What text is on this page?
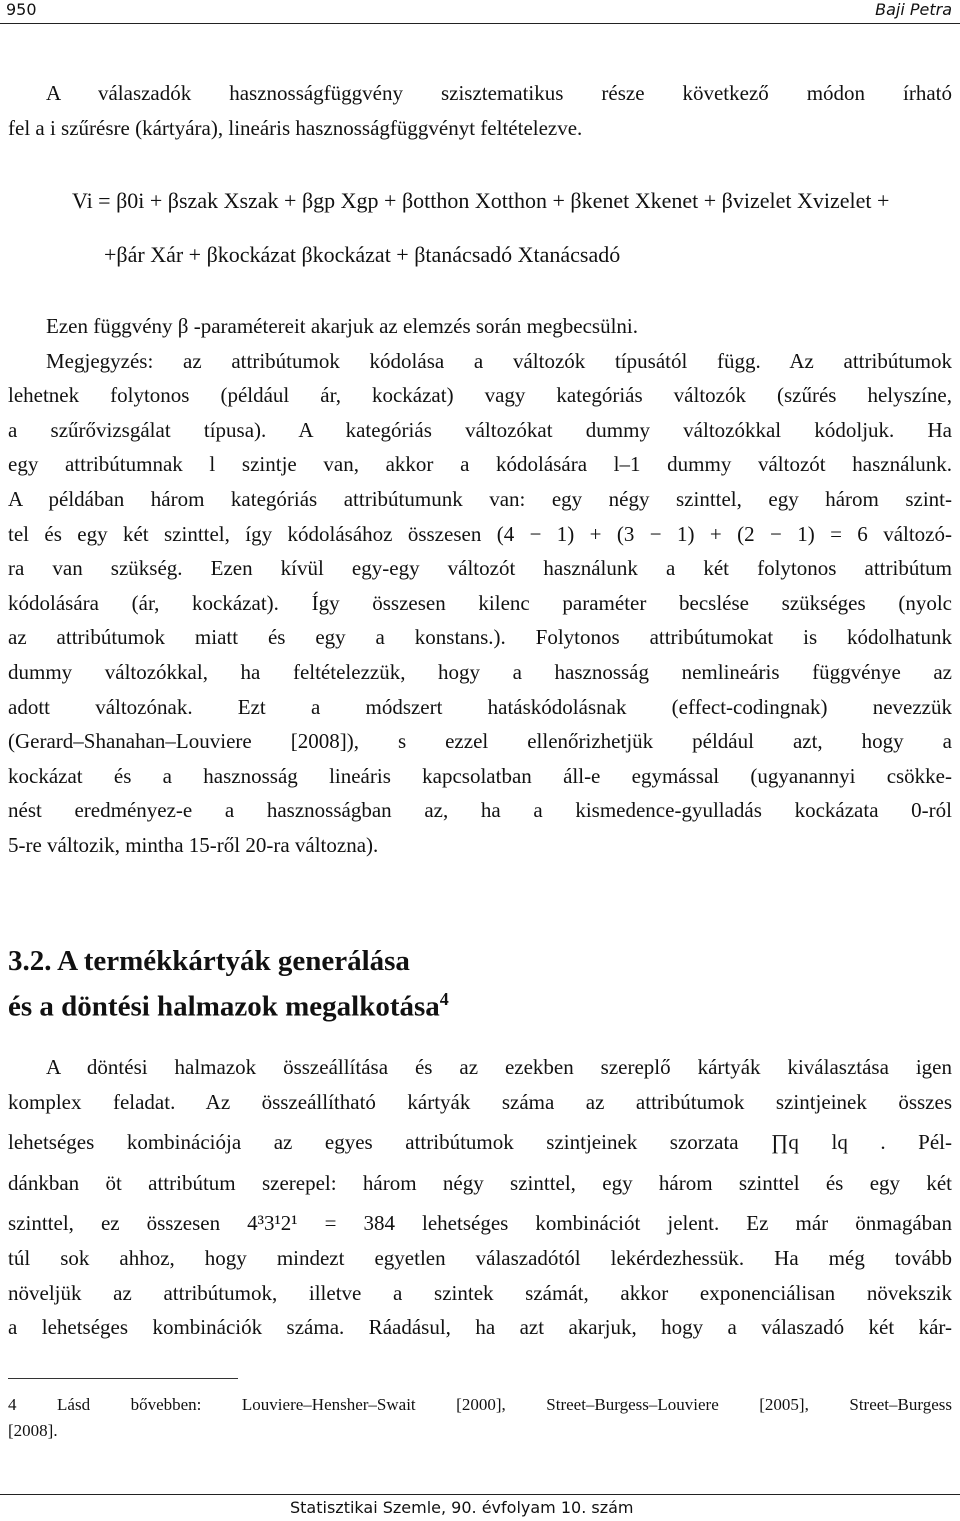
950	Baji Petra
A válaszadók hasznosságfüggvény szisztematikus része következő módon írható
fel a i szűrésre (kártyára), lineáris hasznosságfüggvényt feltételezve.
Vi = β0i + βszak Xszak + βgp Xgp + βotthon Xotthon + βkenet Xkenet + βvizelet Xvizelet +
+βár Xár + βkockázat βkockázat + βtanácsadó Xtanácsadó
Ezen függvény β -paramétereit akarjuk az elemzés során megbecsülni.
Megjegyzés: az attribútumok kódolása a változók típusától függ. Az attribútumok
lehetnek folytonos (például ár, kockázat) vagy kategóriás változók (szűrés helyszíne,
a szűrővizsgálat típusa). A kategóriás változókat dummy változókkal kódoljuk. Ha
egy attribútumnak l szintje van, akkor a kódolására l–1 dummy változót használunk.
A példában három kategóriás attribútumunk van: egy négy szinttel, egy három szint-
tel és egy két szinttel, így kódolásához összesen (4 − 1) + (3 − 1) + (2 − 1) = 6 változó-
ra van szükség. Ezen kívül egy-egy változót használunk a két folytonos attribútum
kódolására (ár, kockázat). Így összesen kilenc paraméter becslése szükséges (nyolc
az attribútumok miatt és egy a konstans.). Folytonos attribútumokat is kódolhatunk
dummy változókkal, ha feltételezzük, hogy a hasznosság nemlineáris függvénye az
adott változónak. Ezt a módszert hatáskódolásnak (effect-codingnak) nevezzük
(Gerard–Shanahan–Louviere [2008]), s ezzel ellenőrizhetjük például azt, hogy a
kockázat és a hasznosság lineáris kapcsolatban áll-e egymással (ugyanannyi csökke-
nést eredményez-e a hasznosságban az, ha a kismedence-gyulladás kockázata 0-ról
5-re változik, mintha 15-ről 20-ra változna).
3.2. A termékkártyák generálása
és a döntési halmazok megalkotása$^4$
A döntési halmazok összeállítása és az ezekben szereplő kártyák kiválasztása igen
komplex feladat. Az összeállítható kártyák száma az attribútumok szintjeinek összes
lehetséges kombinációja az egyes attribútumok szintjeinek szorzata ∏q lq . Pél-
dánkban öt attribútum szerepel: három négy szinttel, egy három szinttel és egy két
szinttel, ez összesen 4³3¹2¹ = 384 lehetséges kombinációt jelent. Ez már önmagában
túl sok ahhoz, hogy mindezt egyetlen válaszadótól lekérdezhessük. Ha még tovább
növeljük az attribútumok, illetve a szintek számát, akkor exponenciálisan növekszik
a lehetséges kombinációk száma. Ráadásul, ha azt akarjuk, hogy a válaszadó két kár-
4 Lásd bővebben: Louviere–Hensher–Swait [2000], Street–Burgess–Louviere [2005], Street–Burgess
[2008].
Statisztikai Szemle, 90. évfolyam 10. szám
